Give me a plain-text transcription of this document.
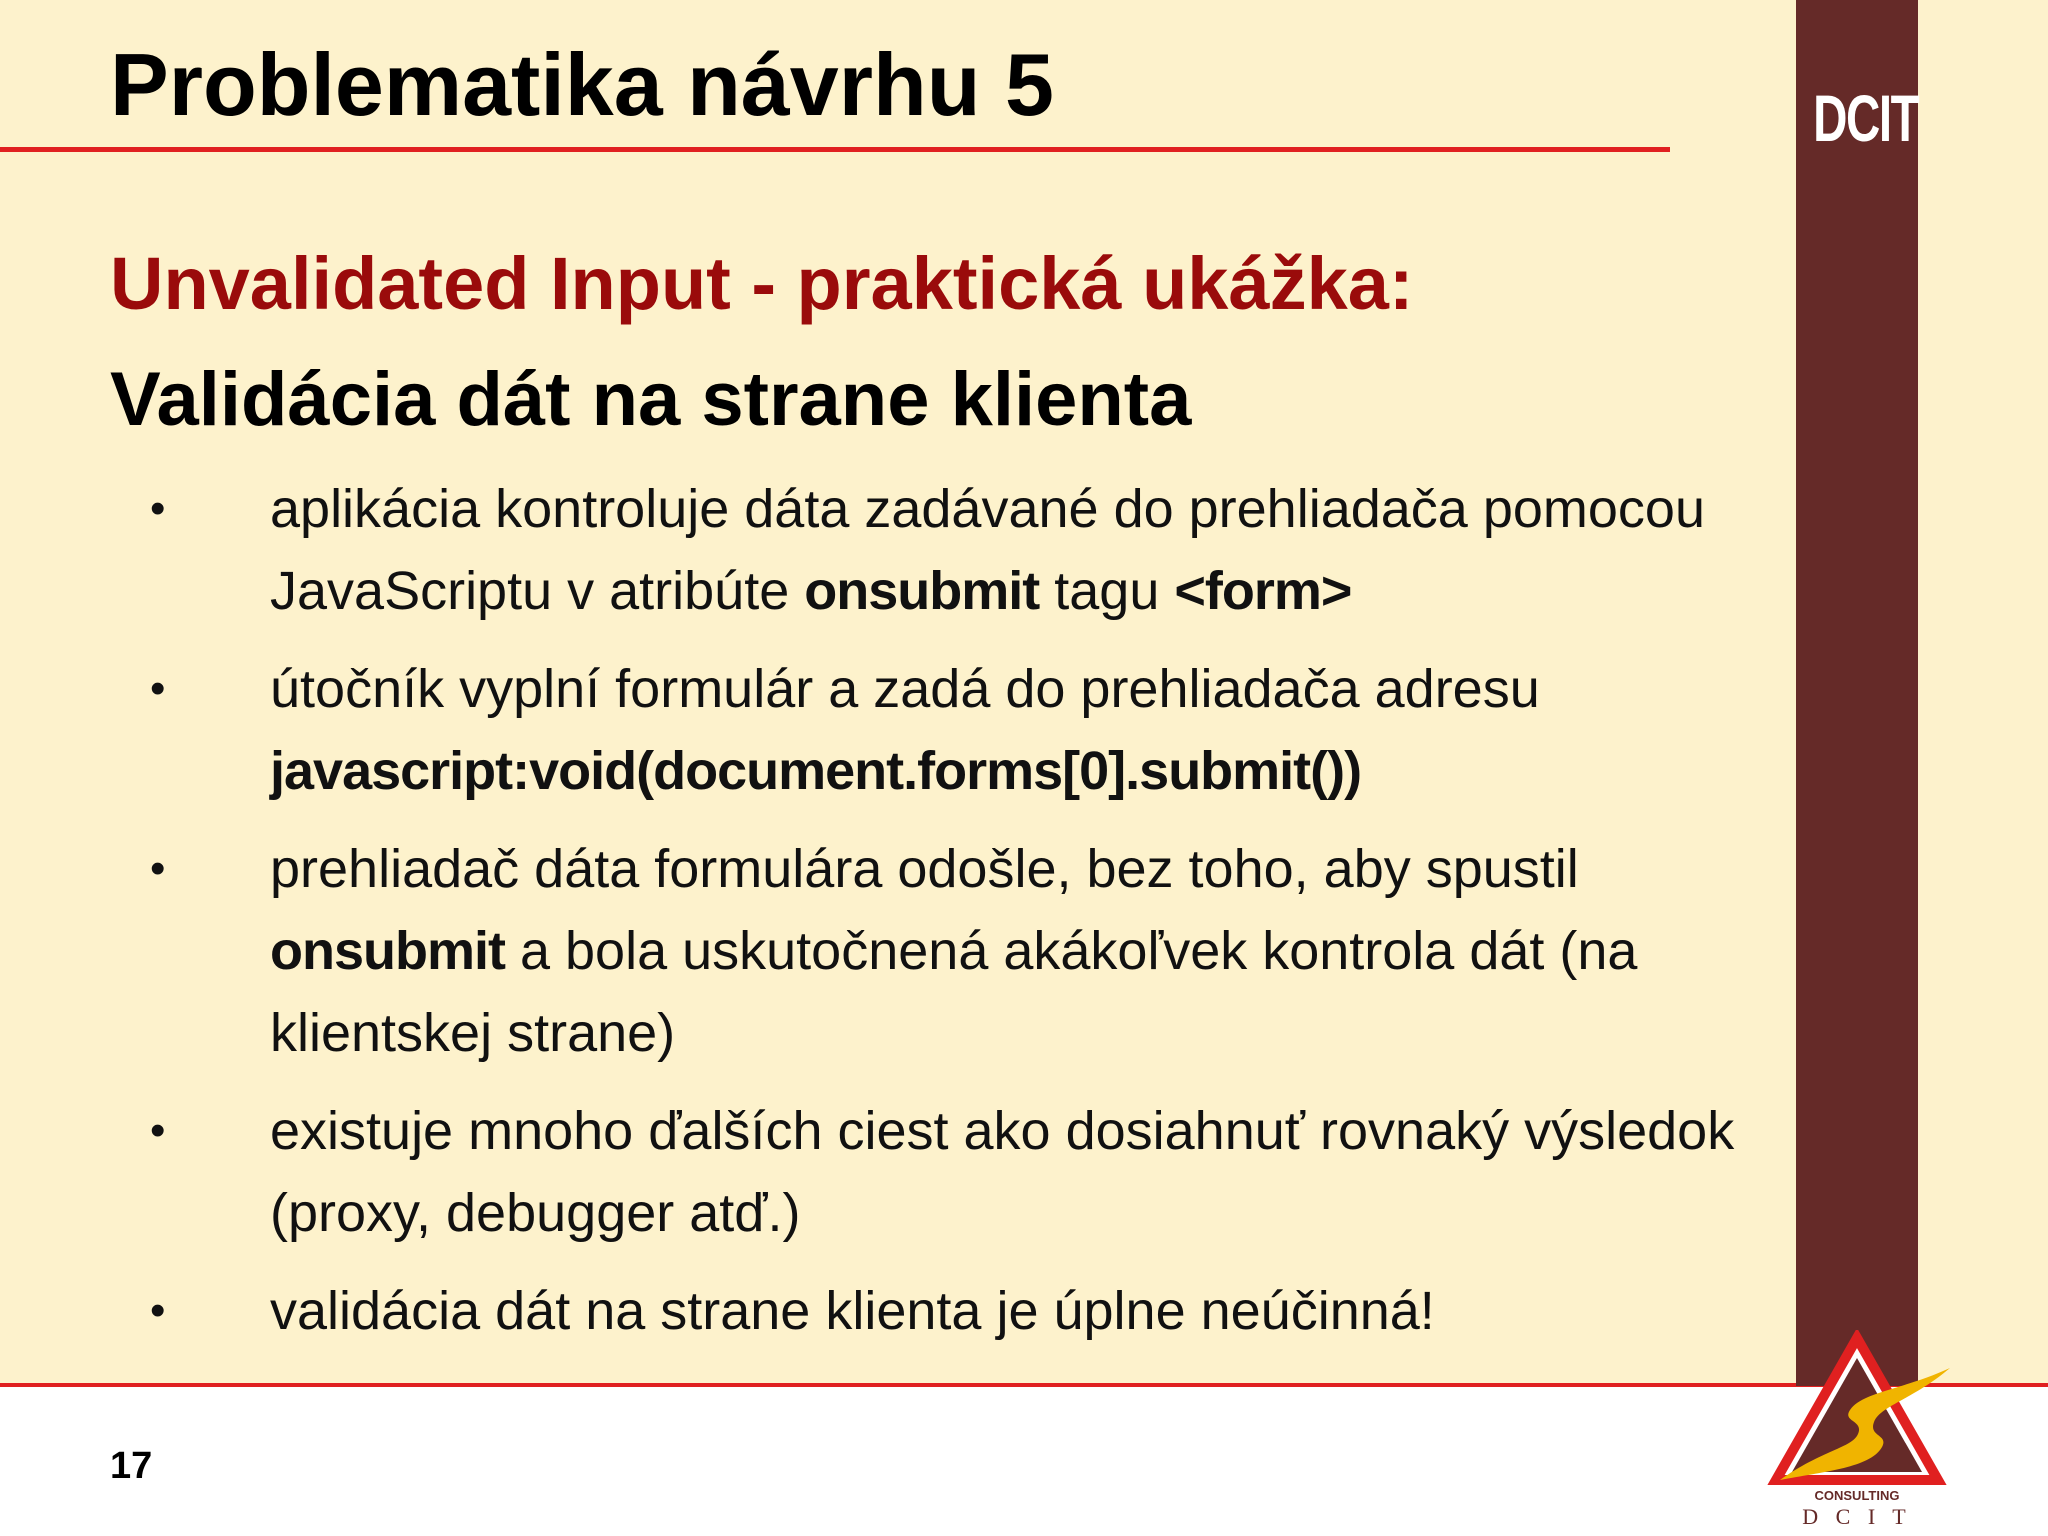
Problematika návrhu 5	DCIT
Unvalidated Input - praktická ukážka:
Validácia dát na strane klienta
• aplikácia kontroluje dáta zadávané do prehliadača pomocou JavaScriptu v atribúte onsubmit tagu <form>
• útočník vyplní formulár a zadá do prehliadača adresu javascript:void(document.forms[0].submit())
• prehliadač dáta formulára odošle, bez toho, aby spustil onsubmit a bola uskutočnená akákoľvek kontrola dát (na klientskej strane)
• existuje mnoho ďalších ciest ako dosiahnuť rovnaký výsledok (proxy, debugger atď.)
• validácia dát na strane klienta je úplne neúčinná!
17
CONSULTING
D C I T
